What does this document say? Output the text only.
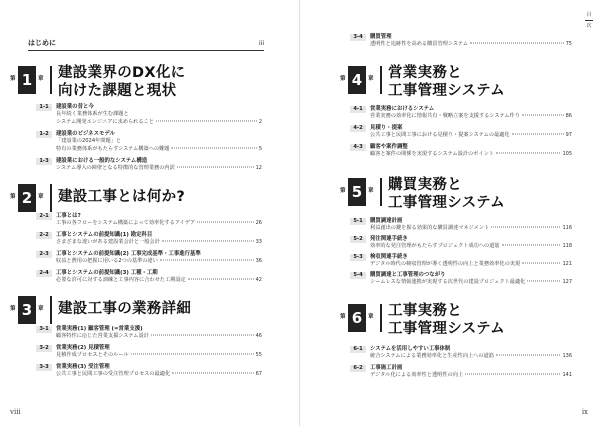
はじめに	iii
第 1	章 建設業界のDX化に
向けた課題と現状
1-1	建設業の昔と今
長年続く業務体系が生む課題と
システム開発エンジニアに求められること	2
1-2	建設業のビジネスモデル
「建設業の2024年問題」と
特有の業務体系がもたらすシステム構築への難題	5
1-3	建設業における一般的なシステム構造
システム導入の障壁となる特徴的な管理業務の内訳	12
第 2	章 建設工事とは何か?
2-1	工事とは?
工事の各フローをシステム構築によって効率化するアイデア	26
2-2	工事とシステムの前提知識(1) 勘定科目
さまざまな違いがある建設業会計と一般会計	33
2-3	工事とシステムの前提知識(2) 工事完成基準・工事進行基準
収益と費用の把握に用いる2つの基準の違い	36
2-4	工事とシステムの前提知識(3) 工種・工期
必要な許可に対する訓練と工事内容に合わせた工期設定	42
第 3	章 建設工事の業務詳細
3-1	営業実務(1) 顧客管理 (=営業支援)
顧客特性に応じた営業支援システム設計	46
3-2	営業実務(2) 見積管理
見積作成プロセスとそのルール	55
3-3	営業実務(3) 受注管理
公共工事と民間工事の受注管理プロセスの最適化	67
viii
目
次
3-4	購買管理
透明性と追跡性を高める購買管理システム	75
第 4	章 営業実務と
工事管理システム
4-1	営業実務におけるシステム
営業実務の効率化に情報共有・戦略立案を支援するシステム作り	86
4-2	見積り・提案
公共工事と民間工事における見積り・提案システムの最適化	97
4-3	顧客や案件調整
顧客と案件の関係を実現するシステム設計のポイント	105
第 5	章 購買実務と
工事管理システム
5-1	購買調達計画
利益創出の鍵を握る効果的な購買調達マネジメント	116
5-2	発注関連手続き
効率的な発注管理がもたらすプロジェクト成功への道筋	118
5-3	検収関連手続き
デジタル時代の検収管理が導く透明性の向上と業務効率化の実現	121
5-4	購買調達と工事管理のつながり
シームレスな情報連携が実現する次世代の建設プロジェクト最適化	127
第 6	章 工事実務と
工事管理システム
6-1	システムを活用しやすい工事体制
統合システムによる業務効率化と生産性向上への道筋	136
6-2	工事施工計画
デジタル化による効率性と透明性の向上	141
ix
